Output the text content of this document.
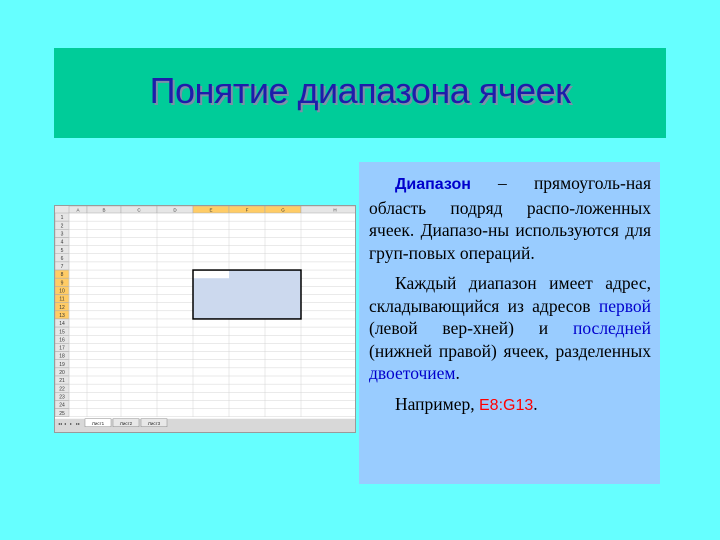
Понятие диапазона ячеек
A	B	C	D	E	F	G	H
1
2
3
4
5
6
7
8
9
10
11
12
13
14
15
16
17
18
19
20
21
22
23
24
25
◂◂ ◂ ▸ ▸▸	Лист1	Лист2	Лист3

Диапазон – прямоуголь-ная область подряд распо-ложенных ячеек. Диапазо-ны используются для груп-повых операций.

Каждый диапазон имеет адрес, складывающийся из адресов первой (левой вер-хней) и последней (нижней правой) ячеек, разделенных двоеточием.

Например, E8:G13.
